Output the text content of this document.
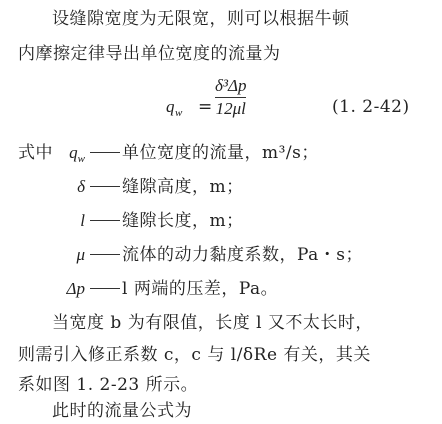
设缝隙宽度为无限宽，则可以根据牛顿
内摩擦定律导出单位宽度的流量为
$q_w$ =
δ³Δp
12μl	(1. 2-42)
式中 $q_w$	单位宽度的流量，m³/s；
δ	缝隙高度，m；
l	缝隙长度，m；
μ	流体的动力黏度系数，Pa・s；
Δp	l 两端的压差，Pa。
当宽度 b 为有限值，长度 l 又不太长时，
则需引入修正系数 c，c 与 l/δRe 有关，其关
系如图 1. 2-23 所示。
此时的流量公式为
